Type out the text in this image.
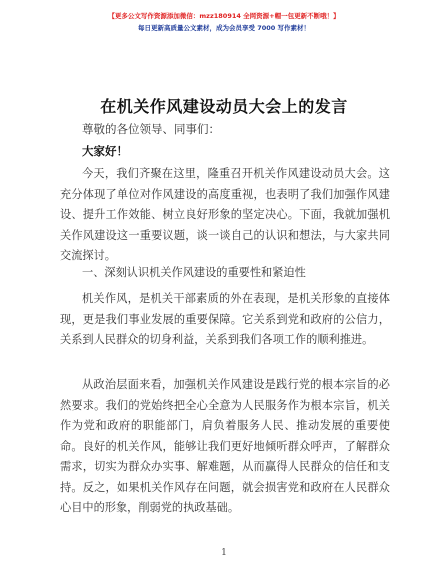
【更多公文写作资源添加微信：mzz180914 全网资源+帽一包更新不断哦！】
每日更新高质量公文素材，成为会员享受 7000 写作素材！
在机关作风建设动员大会上的发言
尊敬的各位领导、同事们：
大家好！
今天，我们齐聚在这里，隆重召开机关作风建设动员大会。这充分体现了单位对作风建设的高度重视，也表明了我们加强作风建设、提升工作效能、树立良好形象的坚定决心。下面，我就加强机关作风建设这一重要议题，谈一谈自己的认识和想法，与大家共同交流探讨。
一、深刻认识机关作风建设的重要性和紧迫性
机关作风，是机关干部素质的外在表现，是机关形象的直接体现，更是我们事业发展的重要保障。它关系到党和政府的公信力，关系到人民群众的切身利益，关系到我们各项工作的顺利推进。
从政治层面来看，加强机关作风建设是践行党的根本宗旨的必然要求。我们的党始终把全心全意为人民服务作为根本宗旨，机关作为党和政府的职能部门，肩负着服务人民、推动发展的重要使命。良好的机关作风，能够让我们更好地倾听群众呼声，了解群众需求，切实为群众办实事、解难题，从而赢得人民群众的信任和支持。反之，如果机关作风存在问题，就会损害党和政府在人民群众心目中的形象，削弱党的执政基础。
1
